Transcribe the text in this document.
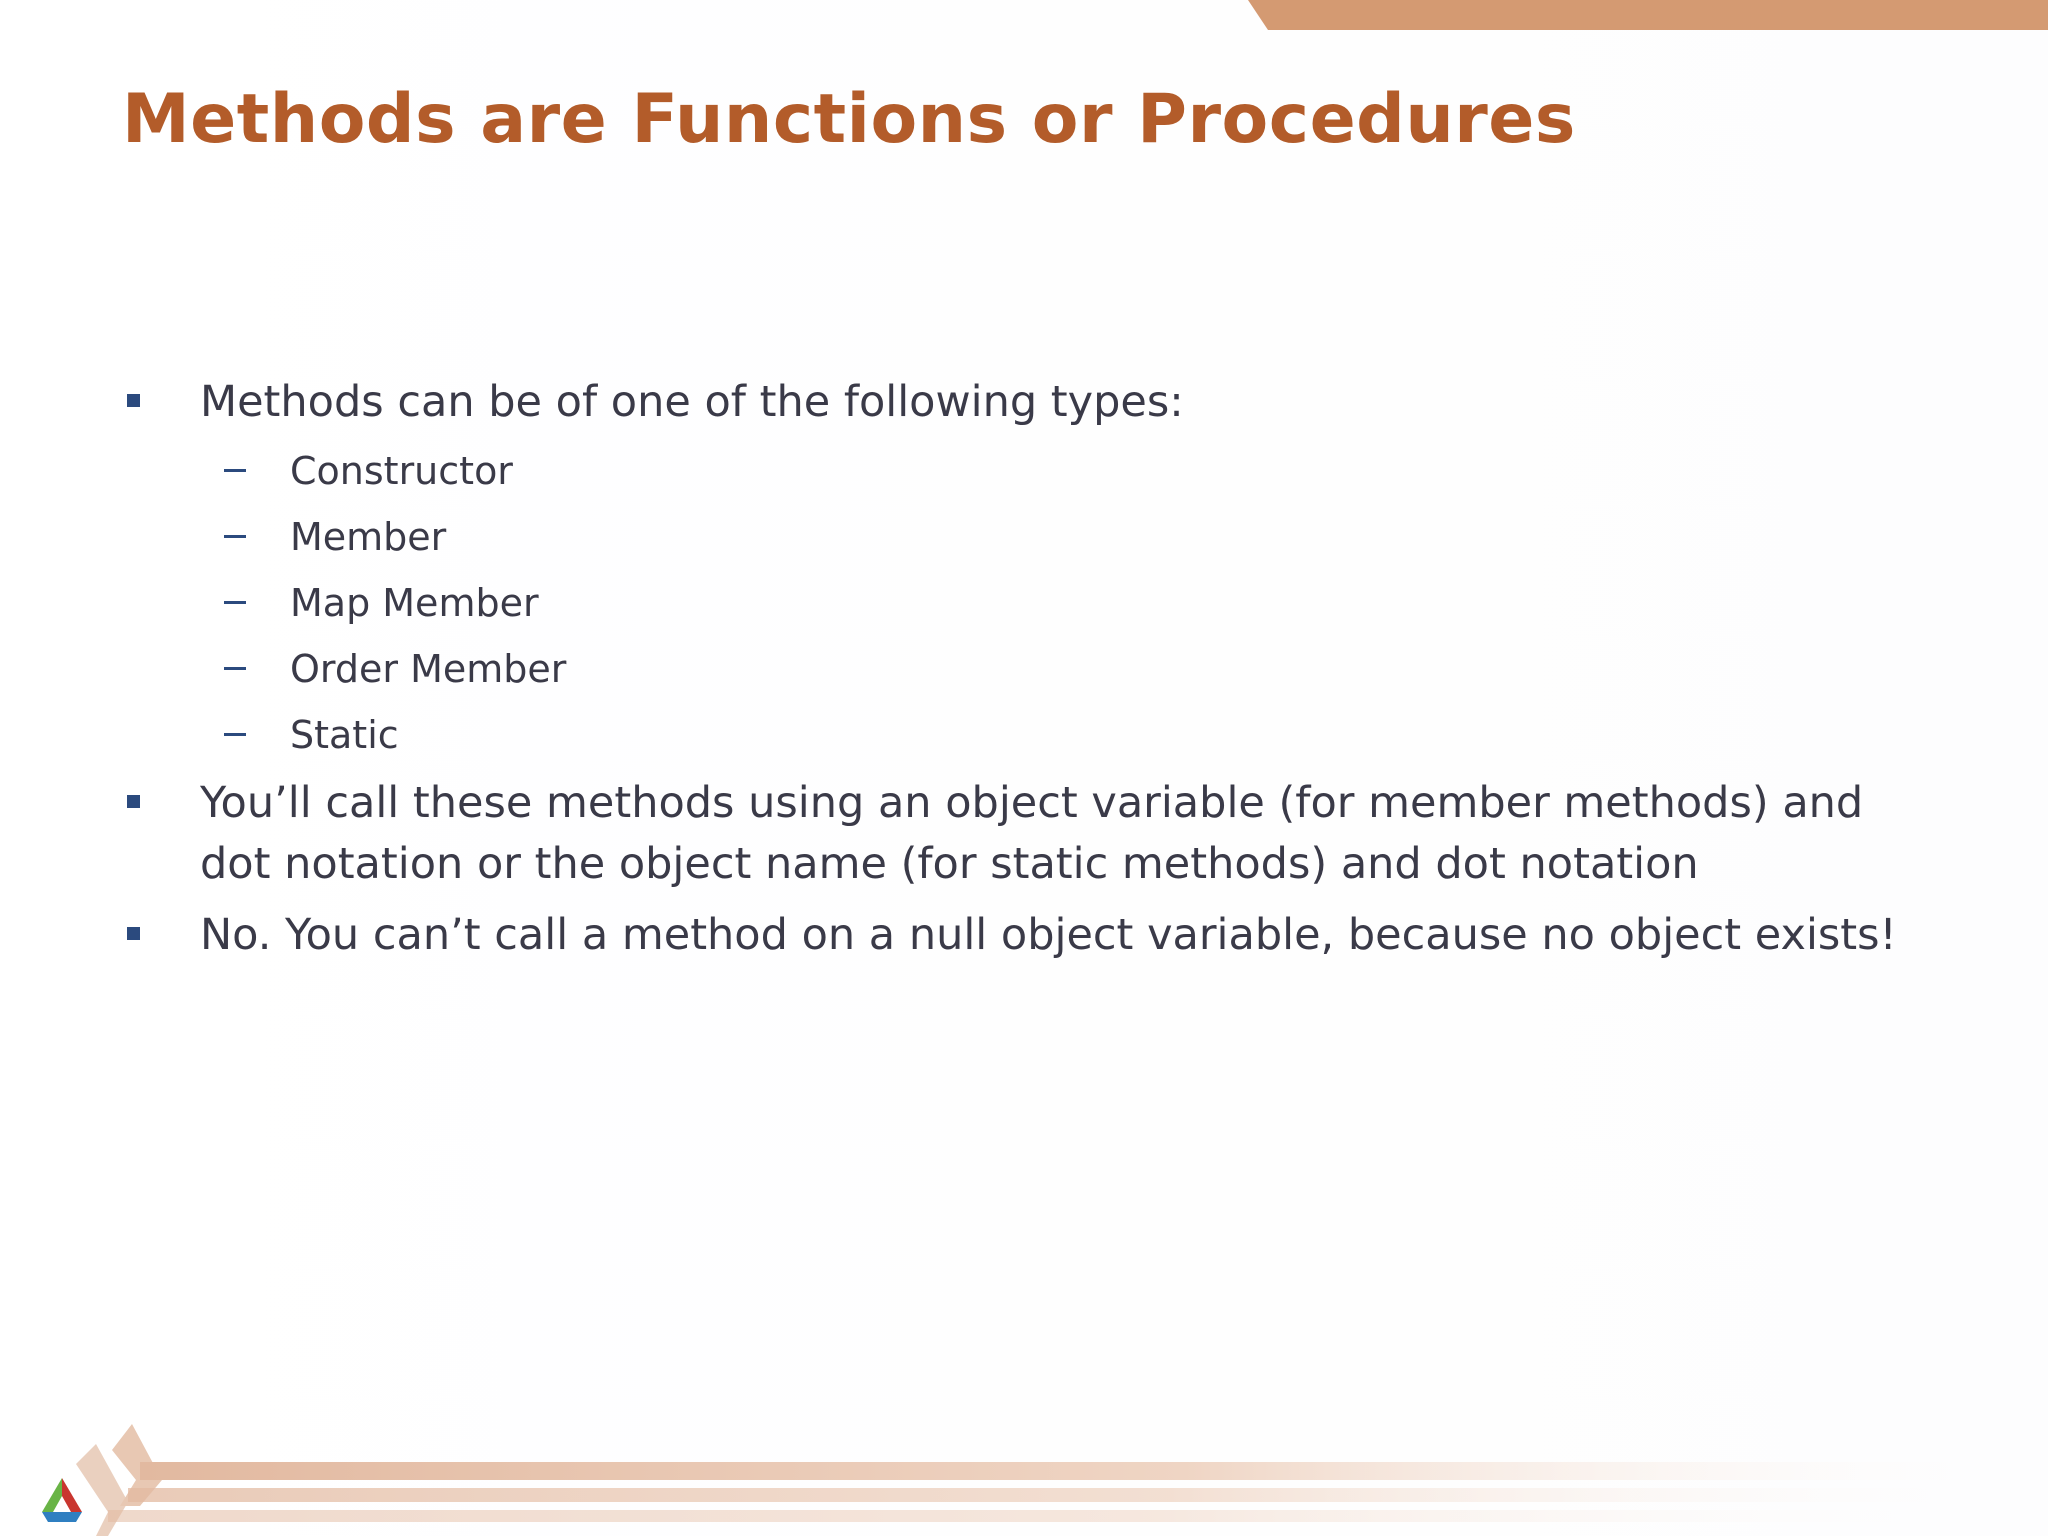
Methods are Functions or Procedures
Methods can be of one of the following types:
Constructor
Member
Map Member
Order Member
Static
You’ll call these methods using an object variable (for member methods) and dot notation or the object name (for static methods) and dot notation
No. You can’t call a method on a null object variable, because no object exists!
